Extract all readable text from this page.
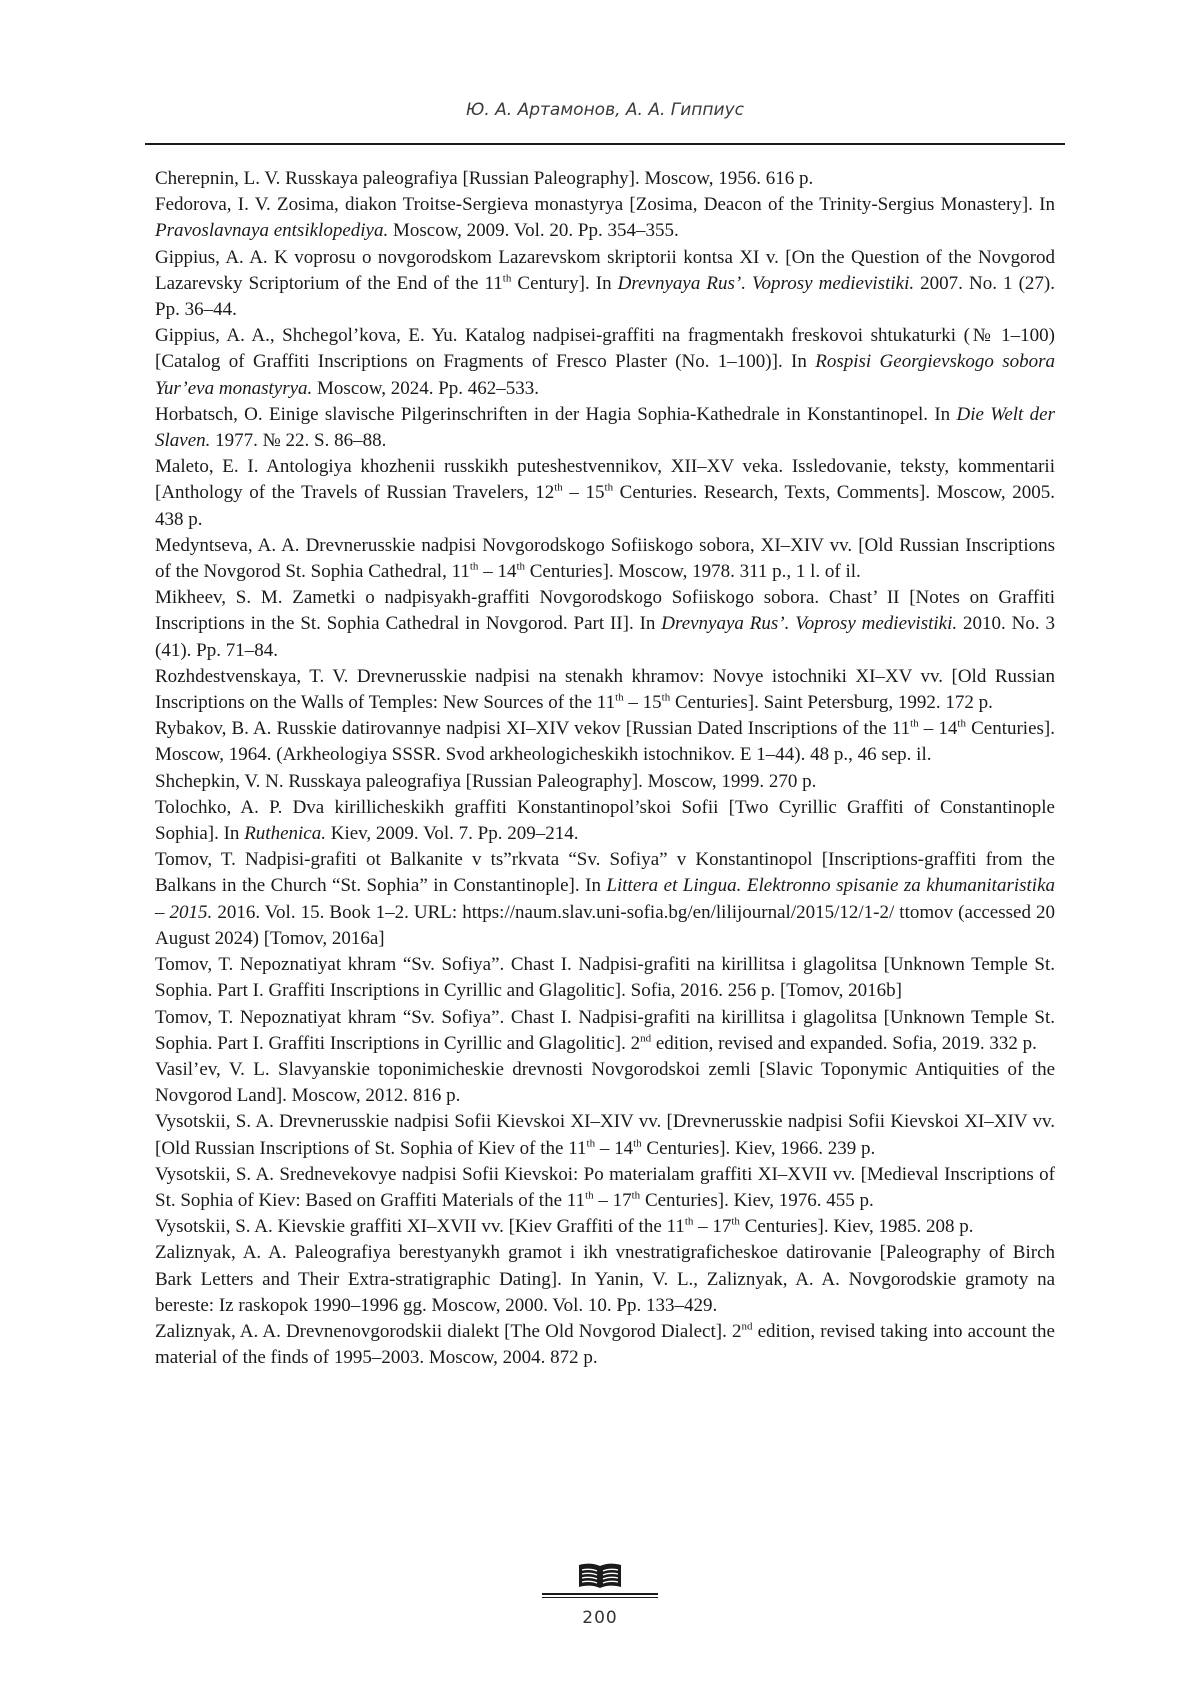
Ю. А. Артамонов, А. А. Гиппиус

Cherepnin, L. V. Russkaya paleografiya [Russian Paleography]. Moscow, 1956. 616 p.

Fedorova, I. V. Zosima, diakon Troitse-Sergieva monastyrya [Zosima, Deacon of the Trinity-Sergius Monas­tery]. In Pravoslavnaya entsiklopediya. Moscow, 2009. Vol. 20. Pp. 354–355.

Gippius, A. A. K voprosu o novgorodskom Lazarevskom skriptorii kontsa XI v. [On the Question of the Novgorod Lazarevsky Scriptorium of the End of the 11th Century]. In Drevnyaya Rus’. Voprosy medievistiki. 2007. No. 1 (27). Pp. 36–44.

Gippius, A. A., Shchegol’kova, E. Yu. Katalog nadpisei-graffiti na fragmentakh freskovoi shtukaturki (№ 1–100) [Catalog of Graffiti Inscriptions on Fragments of Fresco Plaster (No. 1–100)]. In Rospisi Georgievskogo sobora Yur’eva monastyrya. Moscow, 2024. Pp. 462–533.

Horbatsch, O. Einige slavische Pilgerinschriften in der Hagia Sophia-Kathedrale in Konstantinopel. In Die Welt der Slaven. 1977. № 22. S. 86–88.

Maleto, E. I. Antologiya khozhenii russkikh puteshestvennikov, XII–XV veka. Issledovanie, teksty, kommentarii [Anthology of the Travels of Russian Travelers, 12th – 15th Centuries. Research, Texts, Comments]. Moscow, 2005. 438 p.

Medyntseva, A. A. Drevnerusskie nadpisi Novgorodskogo Sofiiskogo sobora, XI–XIV vv. [Old Russian Inscrip­tions of the Novgorod St. Sophia Cathedral, 11th – 14th Centuries]. Moscow, 1978. 311 p., 1 l. of il.

Mikheev, S. M. Zametki o nadpisyakh-graffiti Novgorodskogo Sofiiskogo sobora. Chast’ II [Notes on Graffiti Inscriptions in the St. Sophia Cathedral in Novgorod. Part II]. In Drevnyaya Rus’. Voprosy medievistiki. 2010. No. 3 (41). Pp. 71–84.

Rozhdestvenskaya, T. V. Drevnerusskie nadpisi na stenakh khramov: Novye istochniki XI–XV vv. [Old Russian Inscriptions on the Walls of Temples: New Sources of the 11th – 15th Centuries]. Saint Petersburg, 1992. 172 p.

Rybakov, B. A. Russkie datirovannye nadpisi XI–XIV vekov [Russian Dated Inscriptions of the 11th – 14th Cen­turies]. Moscow, 1964. (Arkheologiya SSSR. Svod arkheologicheskikh istochnikov. E 1–44). 48 p., 46 sep. il.

Shchepkin, V. N. Russkaya paleografiya [Russian Paleography]. Moscow, 1999. 270 p.

Tolochko, A. P. Dva kirillicheskikh graffiti Konstantinopol’skoi Sofii [Two Cyrillic Graffiti of Constantinople Sophia]. In Ruthenica. Kiev, 2009. Vol. 7. Pp. 209–214.

Tomov, T. Nadpisi-grafiti ot Balkanite v ts”rkvata “Sv. Sofiya” v Konstantinopol [Inscriptions-graffiti from the Balkans in the Church “St. Sophia” in Constantinople]. In Littera et Lingua. Elektronno spisanie za khumani­taristika – 2015. 2016. Vol. 15. Book 1–2. URL: https://naum.slav.uni-sofia.bg/en/lilijournal/2015/12/1-2/ ttomov (accessed 20 August 2024) [Tomov, 2016a]

Tomov, T. Nepoznatiyat khram “Sv. Sofiya”. Chast I. Nadpisi-grafiti na kirillitsa i glagolitsa [Unknown Temple St. Sophia. Part I. Graffiti Inscriptions in Cyrillic and Glagolitic]. Sofia, 2016. 256 p. [Tomov, 2016b]

Tomov, T. Nepoznatiyat khram “Sv. Sofiya”. Chast I. Nadpisi-grafiti na kirillitsa i glagolitsa [Unknown Temple St. Sophia. Part I. Graffiti Inscriptions in Cyrillic and Glagolitic]. 2nd edition, revised and expanded. Sofia, 2019. 332 p.

Vasil’ev, V. L. Slavyanskie toponimicheskie drevnosti Novgorodskoi zemli [Slavic Toponymic Antiquities of the Novgorod Land]. Moscow, 2012. 816 p.

Vysotskii, S. A. Drevnerusskie nadpisi Sofii Kievskoi XI–XIV vv. [Drevnerusskie nadpisi Sofii Kievskoi XI–XIV vv. [Old Russian Inscriptions of St. Sophia of Kiev of the 11th – 14th Centuries]. Kiev, 1966. 239 p.

Vysotskii, S. A. Srednevekovye nadpisi Sofii Kievskoi: Po materialam graffiti XI–XVII vv. [Medieval Inscriptions of St. Sophia of Kiev: Based on Graffiti Materials of the 11th – 17th Centuries]. Kiev, 1976. 455 p.

Vysotskii, S. A. Kievskie graffiti XI–XVII vv. [Kiev Graffiti of the 11th – 17th Centuries]. Kiev, 1985. 208 p.

Zaliznyak, A. A. Paleografiya berestyanykh gramot i ikh vnestratigraficheskoe datirovanie [Paleography of Birch Bark Letters and Their Extra-stratigraphic Dating]. In Yanin, V. L., Zaliznyak, A. A. Novgorodskie gramoty na bereste: Iz raskopok 1990–1996 gg. Moscow, 2000. Vol. 10. Pp. 133–429.

Zaliznyak, A. A. Drevnenovgorodskii dialekt [The Old Novgorod Dialect]. 2nd edition, revised taking into account the material of the finds of 1995–2003. Moscow, 2004. 872 p.

200
